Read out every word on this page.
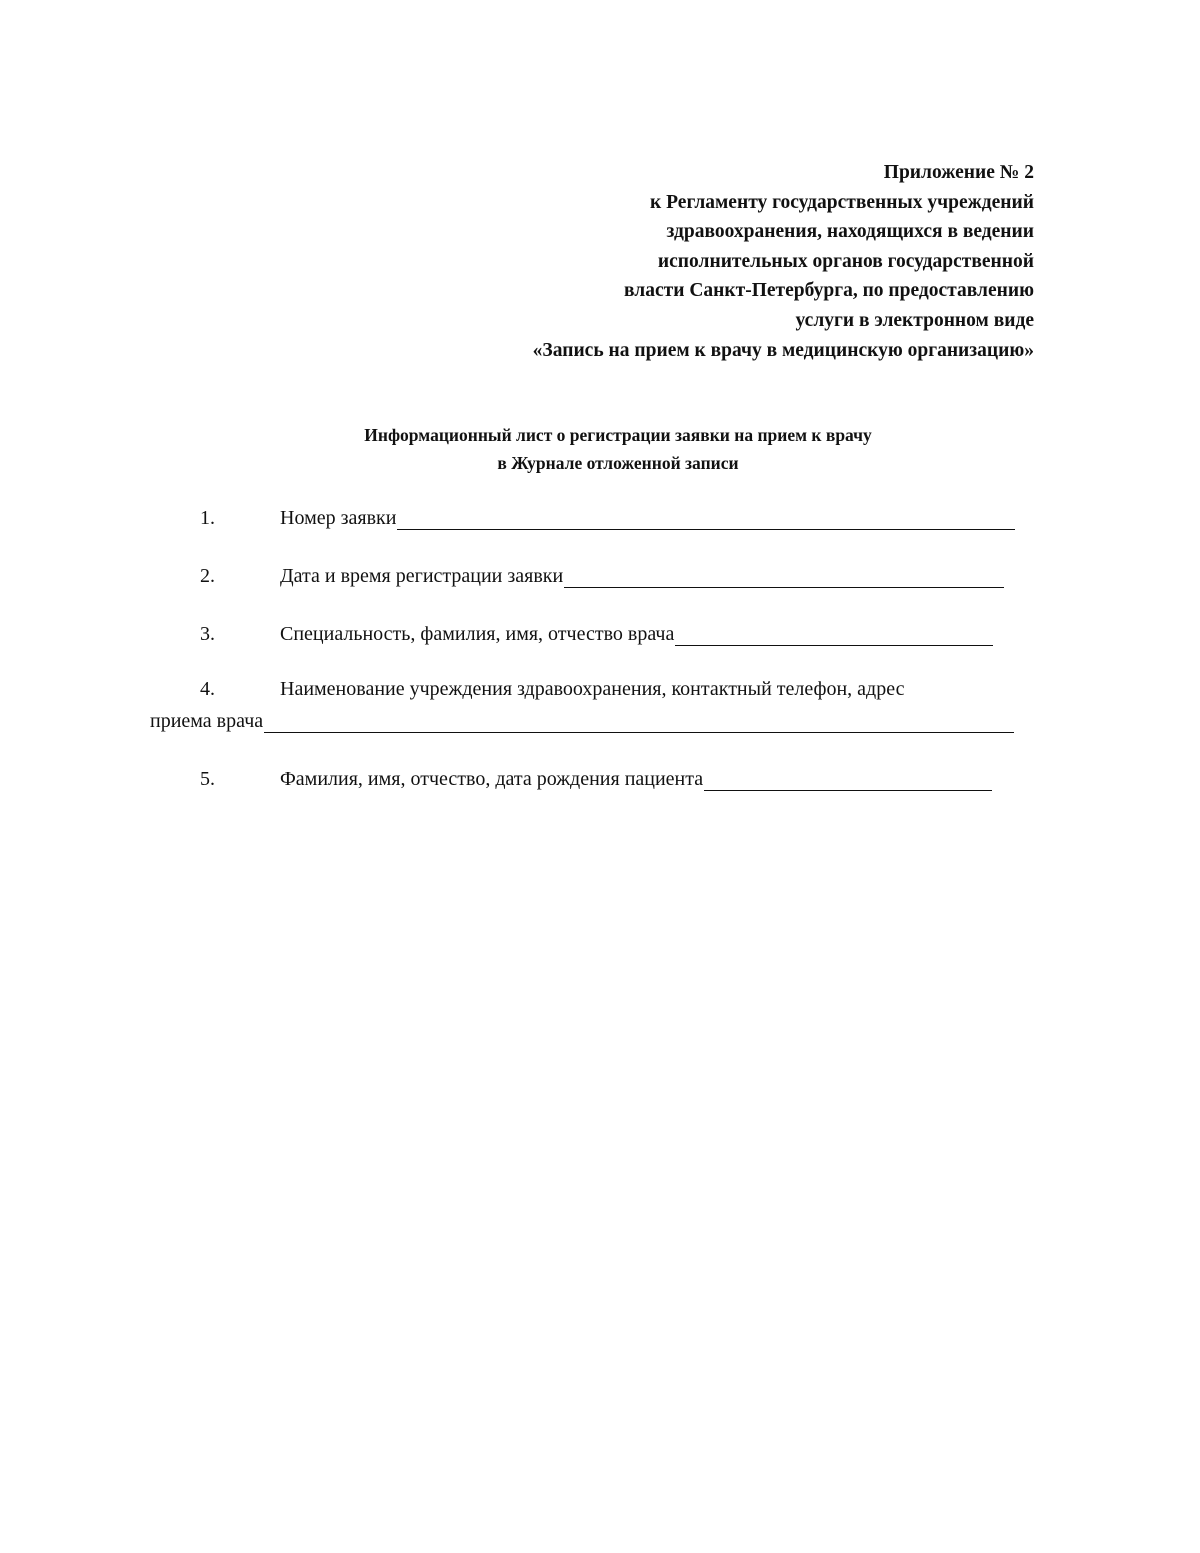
Приложение № 2
к Регламенту государственных учреждений
здравоохранения, находящихся в ведении
исполнительных органов государственной
власти Санкт-Петербурга, по предоставлению
услуги в электронном виде
«Запись на прием к врачу в медицинскую организацию»
Информационный лист о регистрации заявки на прием к врачу
в Журнале отложенной записи
1.	Номер заявки
2.	Дата и время регистрации заявки
3.	Специальность, фамилия, имя, отчество врача
4.	Наименование учреждения здравоохранения, контактный телефон, адрес
приема врача
5.	Фамилия, имя, отчество, дата рождения пациента
